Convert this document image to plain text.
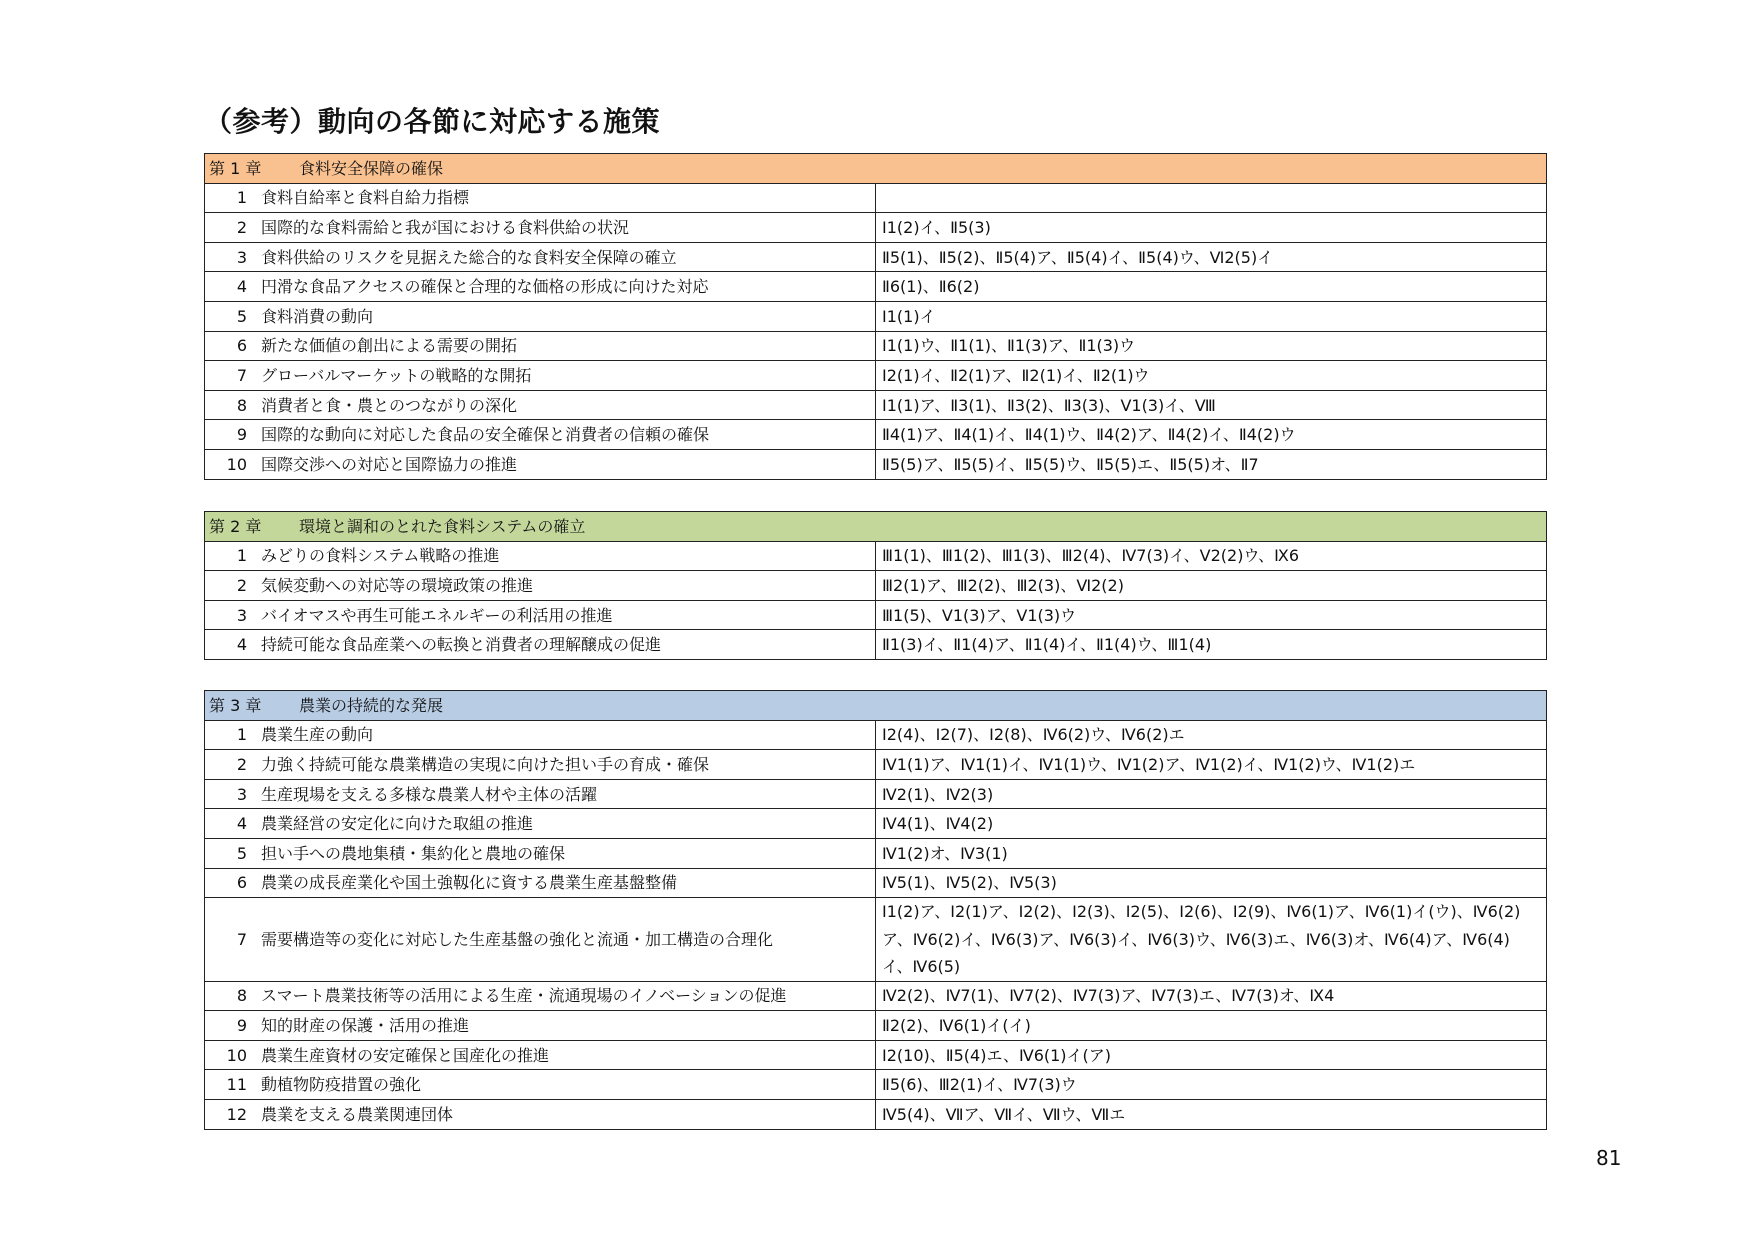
（参考）動向の各節に対応する施策
第 1 章 食料安全保障の確保	
1 食料自給率と食料自給力指標	
2 国際的な食料需給と我が国における食料供給の状況	Ⅰ1(2)イ、Ⅱ5(3)
3 食料供給のリスクを見据えた総合的な食料安全保障の確立	Ⅱ5(1)、Ⅱ5(2)、Ⅱ5(4)ア、Ⅱ5(4)イ、Ⅱ5(4)ウ、Ⅵ2(5)イ
4 円滑な食品アクセスの確保と合理的な価格の形成に向けた対応	Ⅱ6(1)、Ⅱ6(2)
5 食料消費の動向	Ⅰ1(1)イ
6 新たな価値の創出による需要の開拓	Ⅰ1(1)ウ、Ⅱ1(1)、Ⅱ1(3)ア、Ⅱ1(3)ウ
7 グローバルマーケットの戦略的な開拓	Ⅰ2(1)イ、Ⅱ2(1)ア、Ⅱ2(1)イ、Ⅱ2(1)ウ
8 消費者と食・農とのつながりの深化	Ⅰ1(1)ア、Ⅱ3(1)、Ⅱ3(2)、Ⅱ3(3)、Ⅴ1(3)イ、Ⅷ
9 国際的な動向に対応した食品の安全確保と消費者の信頼の確保	Ⅱ4(1)ア、Ⅱ4(1)イ、Ⅱ4(1)ウ、Ⅱ4(2)ア、Ⅱ4(2)イ、Ⅱ4(2)ウ
10 国際交渉への対応と国際協力の推進	Ⅱ5(5)ア、Ⅱ5(5)イ、Ⅱ5(5)ウ、Ⅱ5(5)エ、Ⅱ5(5)オ、Ⅱ7
第 2 章 環境と調和のとれた食料システムの確立	
1 みどりの食料システム戦略の推進	Ⅲ1(1)、Ⅲ1(2)、Ⅲ1(3)、Ⅲ2(4)、Ⅳ7(3)イ、Ⅴ2(2)ウ、Ⅸ6
2 気候変動への対応等の環境政策の推進	Ⅲ2(1)ア、Ⅲ2(2)、Ⅲ2(3)、Ⅵ2(2)
3 バイオマスや再生可能エネルギーの利活用の推進	Ⅲ1(5)、Ⅴ1(3)ア、Ⅴ1(3)ウ
4 持続可能な食品産業への転換と消費者の理解醸成の促進	Ⅱ1(3)イ、Ⅱ1(4)ア、Ⅱ1(4)イ、Ⅱ1(4)ウ、Ⅲ1(4)
第 3 章 農業の持続的な発展	
1 農業生産の動向	Ⅰ2(4)、Ⅰ2(7)、Ⅰ2(8)、Ⅳ6(2)ウ、Ⅳ6(2)エ
2 力強く持続可能な農業構造の実現に向けた担い手の育成・確保	Ⅳ1(1)ア、Ⅳ1(1)イ、Ⅳ1(1)ウ、Ⅳ1(2)ア、Ⅳ1(2)イ、Ⅳ1(2)ウ、Ⅳ1(2)エ
3 生産現場を支える多様な農業人材や主体の活躍	Ⅳ2(1)、Ⅳ2(3)
4 農業経営の安定化に向けた取組の推進	Ⅳ4(1)、Ⅳ4(2)
5 担い手への農地集積・集約化と農地の確保	Ⅳ1(2)オ、Ⅳ3(1)
6 農業の成長産業化や国土強靱化に資する農業生産基盤整備	Ⅳ5(1)、Ⅳ5(2)、Ⅳ5(3)
7 需要構造等の変化に対応した生産基盤の強化と流通・加工構造の合理化	Ⅰ1(2)ア、Ⅰ2(1)ア、Ⅰ2(2)、Ⅰ2(3)、Ⅰ2(5)、Ⅰ2(6)、Ⅰ2(9)、Ⅳ6(1)ア、Ⅳ6(1)イ(ウ)、Ⅳ6(2)ア、Ⅳ6(2)イ、Ⅳ6(3)ア、Ⅳ6(3)イ、Ⅳ6(3)ウ、Ⅳ6(3)エ、Ⅳ6(3)オ、Ⅳ6(4)ア、Ⅳ6(4)イ、Ⅳ6(5)
8 スマート農業技術等の活用による生産・流通現場のイノベーションの促進	Ⅳ2(2)、Ⅳ7(1)、Ⅳ7(2)、Ⅳ7(3)ア、Ⅳ7(3)エ、Ⅳ7(3)オ、Ⅸ4
9 知的財産の保護・活用の推進	Ⅱ2(2)、Ⅳ6(1)イ(イ)
10 農業生産資材の安定確保と国産化の推進	Ⅰ2(10)、Ⅱ5(4)エ、Ⅳ6(1)イ(ア)
11 動植物防疫措置の強化	Ⅱ5(6)、Ⅲ2(1)イ、Ⅳ7(3)ウ
12 農業を支える農業関連団体	Ⅳ5(4)、Ⅶア、Ⅶイ、Ⅶウ、Ⅶエ
81
